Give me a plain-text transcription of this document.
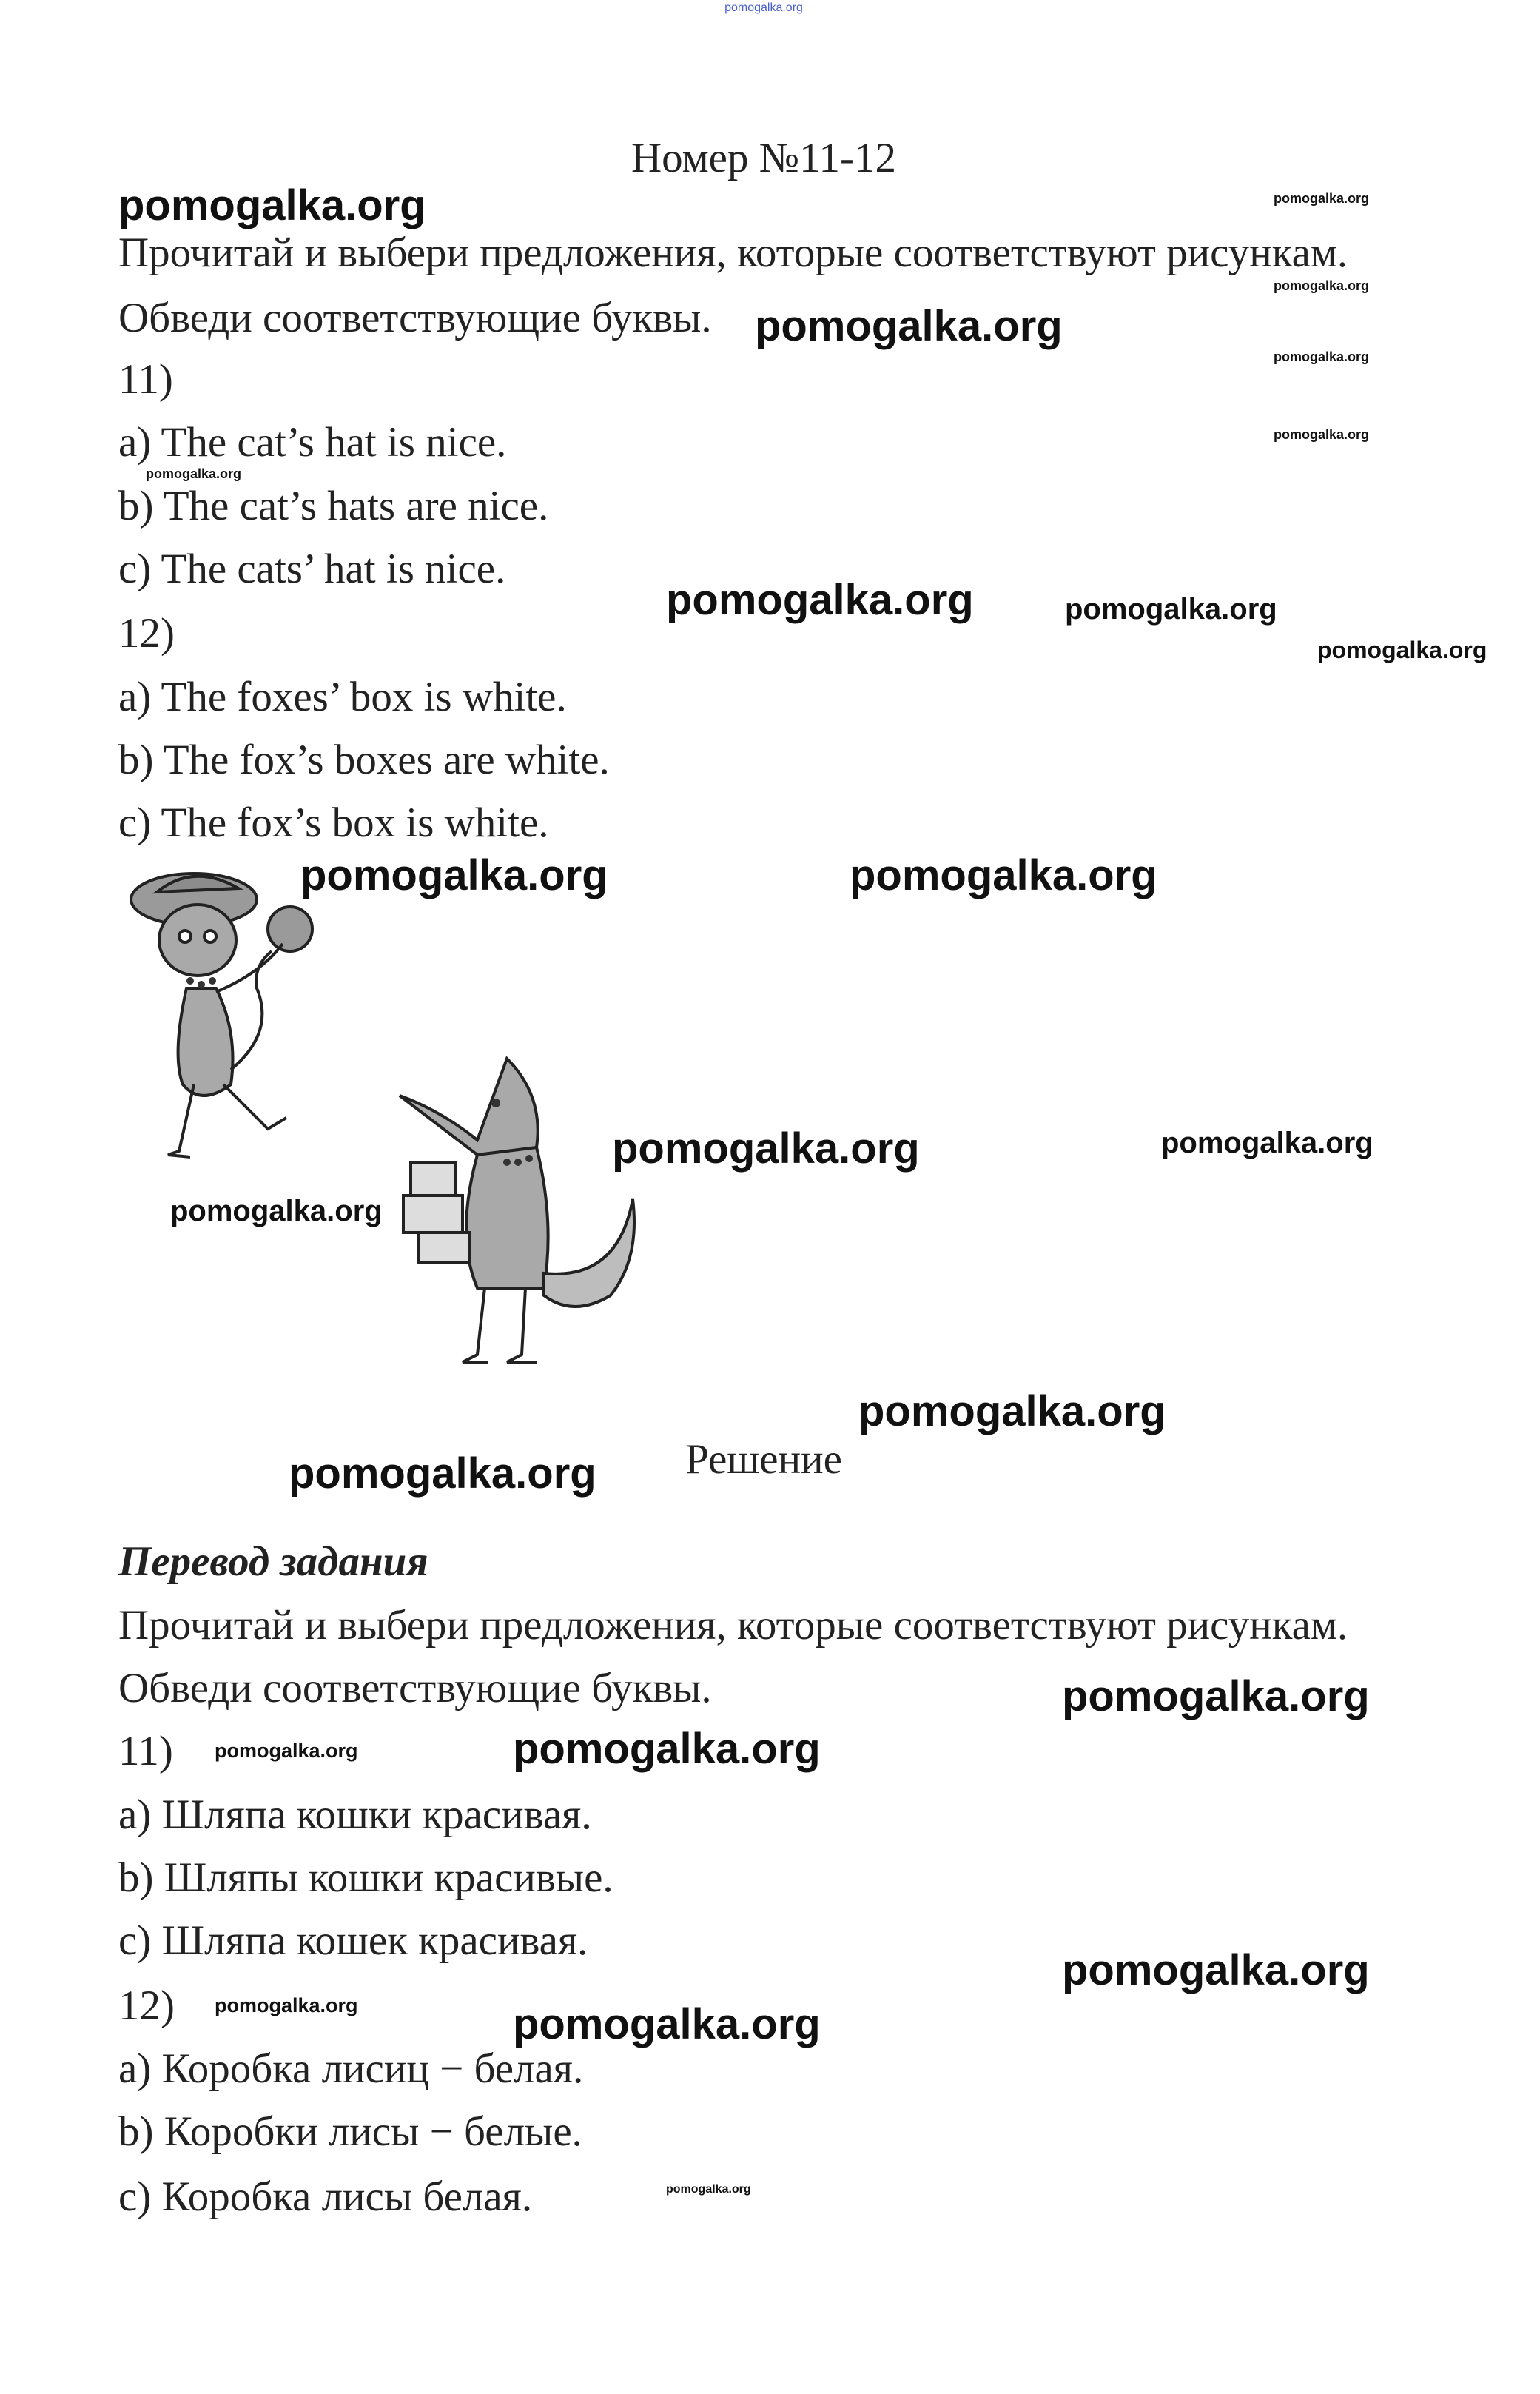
pomogalka.org
Номер №11-12
Прочитай и выбери предложения, которые соответствуют рисункам.
Обведи соответствующие буквы.
11)
a) The cat’s hat is nice.
b) The cat’s hats are nice.
c) The cats’ hat is nice.
12)
a) The foxes’ box is white.
b) The fox’s boxes are white.
c) The fox’s box is white.
Решение
Перевод задания
Прочитай и выбери предложения, которые соответствуют рисункам.
Обведи соответствующие буквы.
11)
a) Шляпа кошки красивая.
b) Шляпы кошки красивые.
c) Шляпа кошек красивая.
12)
a) Коробка лисиц − белая.
b) Коробки лисы − белые.
c) Коробка лисы белая.
pomogalka.org
pomogalka.org
pomogalka.org
pomogalka.org	pomogalka.org
pomogalka.org
pomogalka.org
pomogalka.org
pomogalka.org
pomogalka.org
pomogalka.org
pomogalka.org
pomogalka.org
pomogalka.org
pomogalka.org
pomogalka.org
pomogalka.org
pomogalka.org
pomogalka.org
pomogalka.org
pomogalka.org
pomogalka.org
pomogalka.org
pomogalka.org
